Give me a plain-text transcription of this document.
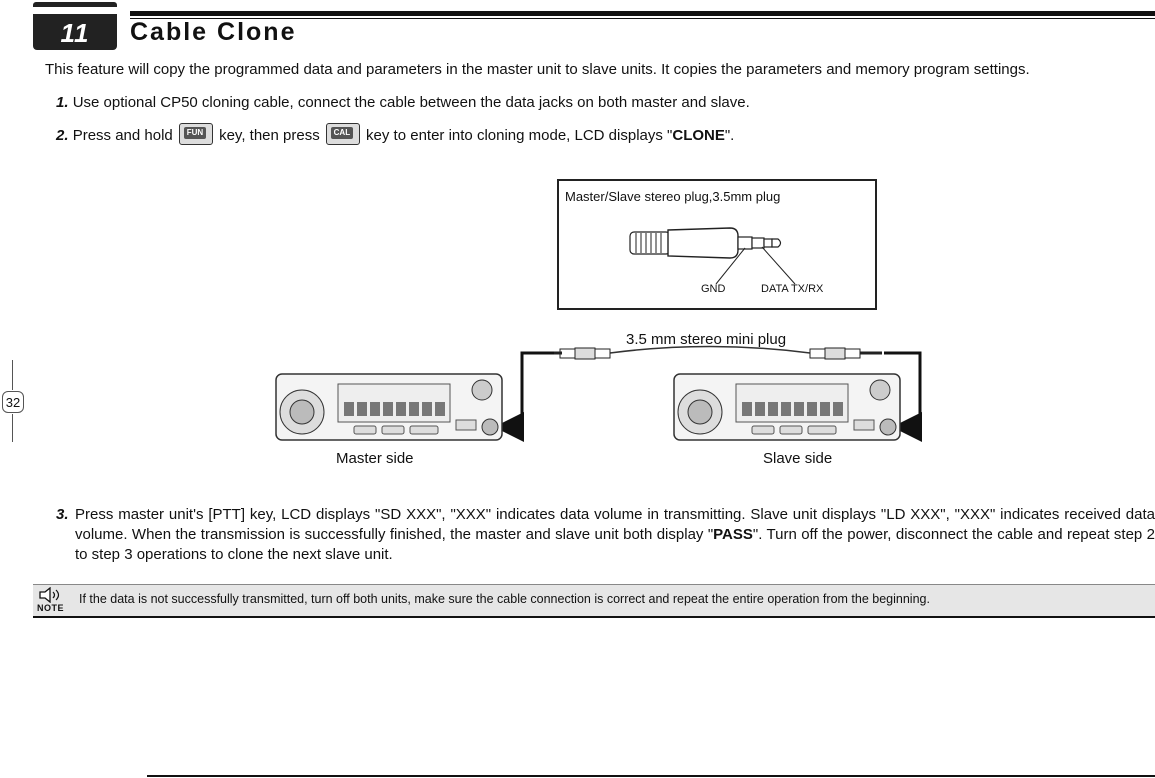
11	Cable Clone
This feature will copy the programmed data and parameters in the master unit to slave units. It copies the parameters and memory program settings.
1. Use optional CP50 cloning cable, connect the cable between the data jacks on both master and slave.
2. Press and hold	FUN key, then press	CAL key to enter into cloning mode, LCD displays "CLONE".
Master/Slave stereo plug,3.5mm plug
GND	DATA TX/RX
3.5 mm stereo mini plug
Master side	Slave side
3. Press master unit's [PTT] key, LCD displays "SD XXX", "XXX" indicates data volume in transmitting. Slave unit displays "LD XXX", "XXX" indicates received data volume. When the transmission is successfully finished, the master and slave unit both display "PASS". Turn off the power, disconnect the cable and repeat step 2 to step 3 operations to clone the next slave unit.
NOTE
If the data is not successfully transmitted, turn off both units, make sure the cable connection is correct and repeat the entire operation from the beginning.
32
